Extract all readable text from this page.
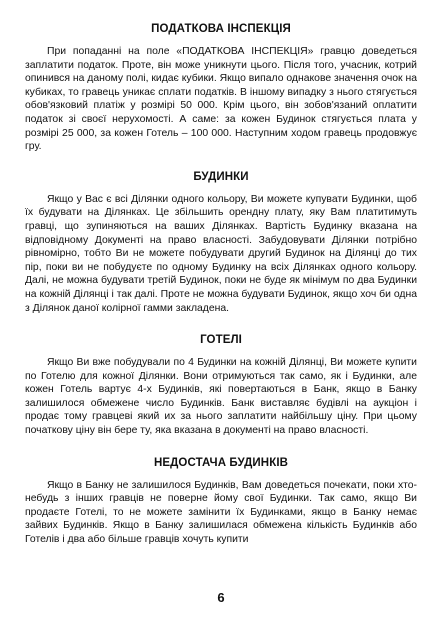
ПОДАТКОВА ІНСПЕКЦІЯ

При попаданні на поле «ПОДАТКОВА ІНСПЕКЦІЯ» гравцю доведеться заплатити податок. Проте, він може уникнути цього. Після того, учасник, котрий опинився на даному полі, кидає кубики. Якщо випало однакове значення очок на кубиках, то гравець уникає сплати податків. В іншому випадку з нього стягується обов'язковий платіж у розмірі 50 000. Крім цього, він зобов'язаний оплатити податок зі своєї нерухомості. А саме: за кожен Будинок стягується плата у розмірі 25 000, за кожен Готель – 100 000. Наступним ходом гравець продовжує гру.

БУДИНКИ

Якщо у Вас є всі Ділянки одного кольору, Ви можете купувати Будинки, щоб їх будувати на Ділянках. Це збільшить орендну плату, яку Вам платитимуть гравці, що зупиняються на ваших Ділянках. Вартість Будинку вказана на відповідному Документі на право власності. Забудовувати Ділянки потрібно рівномірно, тобто Ви не можете побудувати другий Будинок на Ділянці до тих пір, поки ви не побудуєте по одному Будинку на всіх Ділянках одного кольору. Далі, не можна будувати третій Будинок, поки не буде як мінімум по два Будинки на кожній Ділянці і так далі. Проте не можна будувати Будинок, якщо хоч би одна з Ділянок даної колірної гамми закладена.

ГОТЕЛІ

Якщо Ви вже побудували по 4 Будинки на кожній Ділянці, Ви можете купити по Готелю для кожної Ділянки. Вони отримуються так само, як і Будинки, але кожен Готель вартує 4-х Будинків, які повертаються в Банк, якщо в Банку залишилося обмежене число Будинків. Банк виставляє будівлі на аукціон і продає тому гравцеві який их за нього заплатити найбільшу ціну. При цьому початкову ціну він бере ту, яка вказана в документі на право власності.

НЕДОСТАЧА БУДИНКІВ

Якщо в Банку не залишилося Будинків, Вам доведеться почекати, поки хто-небудь з інших гравців не поверне йому свої Будинки. Так само, якщо Ви продаєте Готелі, то не можете замінити їх Будинками, якщо в Банку немає зайвих Будинків. Якщо в Банку залишилася обмежена кількість Будинків або Готелів і два або більше гравців хочуть купити

6
